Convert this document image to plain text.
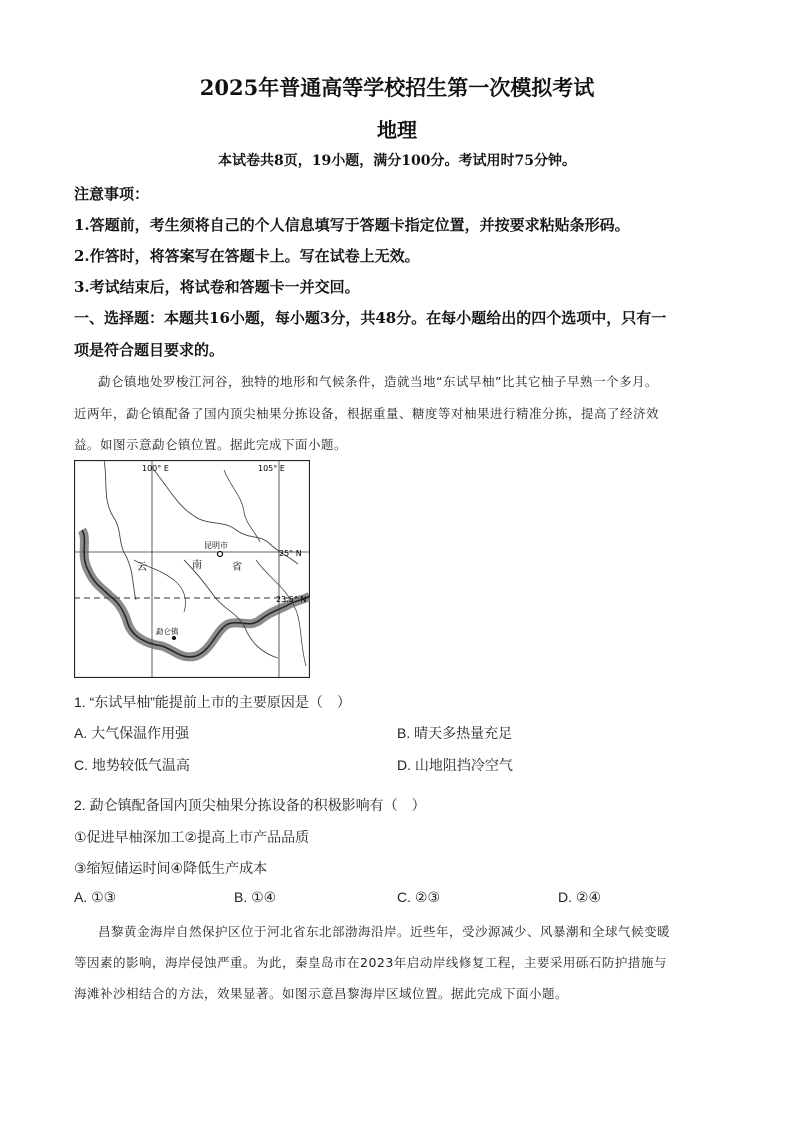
2025年普通高等学校招生第一次模拟考试
地理
本试卷共8页，19小题，满分100分。考试用时75分钟。
注意事项：
1.答题前，考生须将自己的个人信息填写于答题卡指定位置，并按要求粘贴条形码。
2.作答时，将答案写在答题卡上。写在试卷上无效。
3.考试结束后，将试卷和答题卡一并交回。
一、选择题：本题共16小题，每小题3分，共48分。在每小题给出的四个选项中，只有一
项是符合题目要求的。
勐仑镇地处罗梭江河谷，独特的地形和气候条件，造就当地“东试早柚”比其它柚子早熟一个多月。
近两年，勐仑镇配备了国内顶尖柚果分拣设备，根据重量、糖度等对柚果进行精准分拣，提高了经济效
益。如图示意勐仑镇位置。据此完成下面小题。
100° E	105° E
25° N
23.5° N
昆明市
云	南	省
勐仑镇
1. “东试早柚”能提前上市的主要原因是（　）
A. 大气保温作用强	B. 晴天多热量充足
C. 地势较低气温高	D. 山地阻挡冷空气
2. 勐仑镇配备国内顶尖柚果分拣设备的积极影响有（　）
①促进早柚深加工②提高上市产品品质
③缩短储运时间④降低生产成本
A. ①③	B. ①④	C. ②③	D. ②④
昌黎黄金海岸自然保护区位于河北省东北部渤海沿岸。近些年，受沙源减少、风暴潮和全球气候变暖
等因素的影响，海岸侵蚀严重。为此，秦皇岛市在2023年启动岸线修复工程，主要采用砾石防护措施与
海滩补沙相结合的方法，效果显著。如图示意昌黎海岸区域位置。据此完成下面小题。
